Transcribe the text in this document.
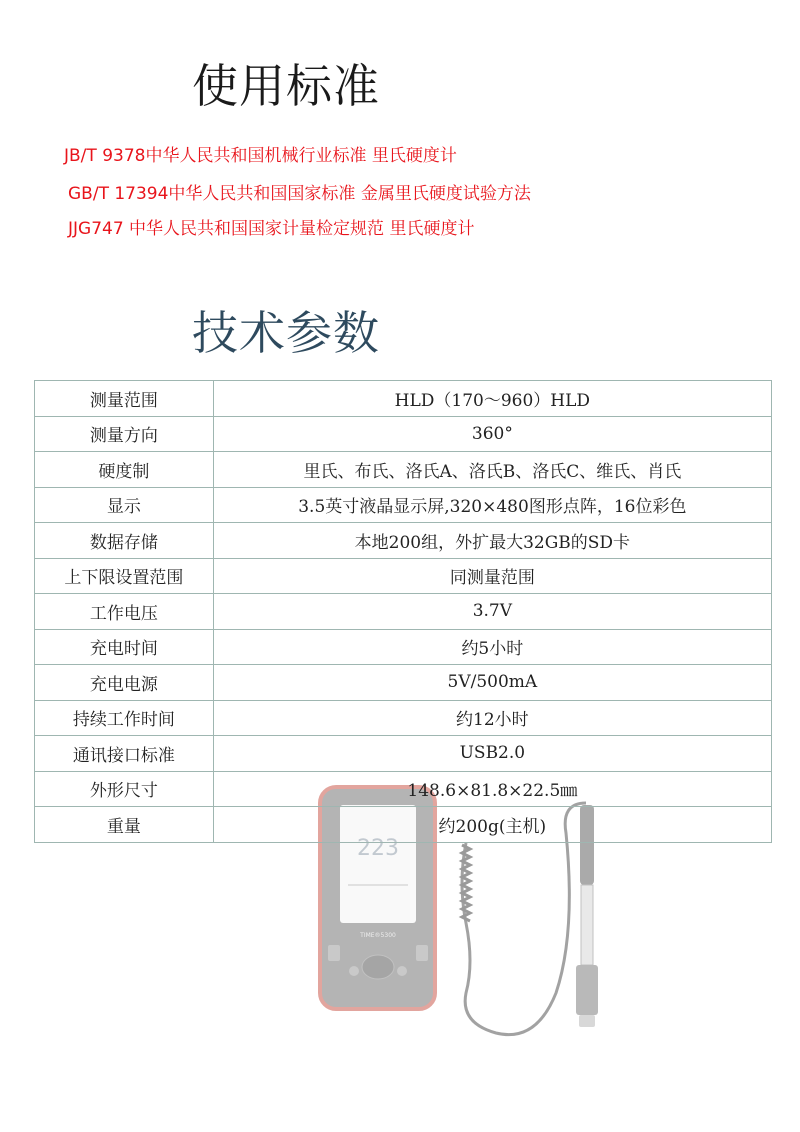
使用标准

JB/T 9378中华人民共和国机械行业标准 里氏硬度计

GB/T 17394中华人民共和国国家标准 金属里氏硬度试验方法

JJG747 中华人民共和国国家计量检定规范 里氏硬度计

技术参数
223
TIME®5300
测量范围	HLD（170～960）HLD
测量方向	360°
硬度制	里氏、布氏、洛氏A、洛氏B、洛氏C、维氏、肖氏
显示	3.5英寸液晶显示屏,320×480图形点阵，16位彩色
数据存储	本地200组，外扩最大32GB的SD卡
上下限设置范围	同测量范围
工作电压	3.7V
充电时间	约5小时
充电电源	5V/500mA
持续工作时间	约12小时
通讯接口标准	USB2.0
外形尺寸	148.6×81.8×22.5㎜
重量	约200g(主机)
